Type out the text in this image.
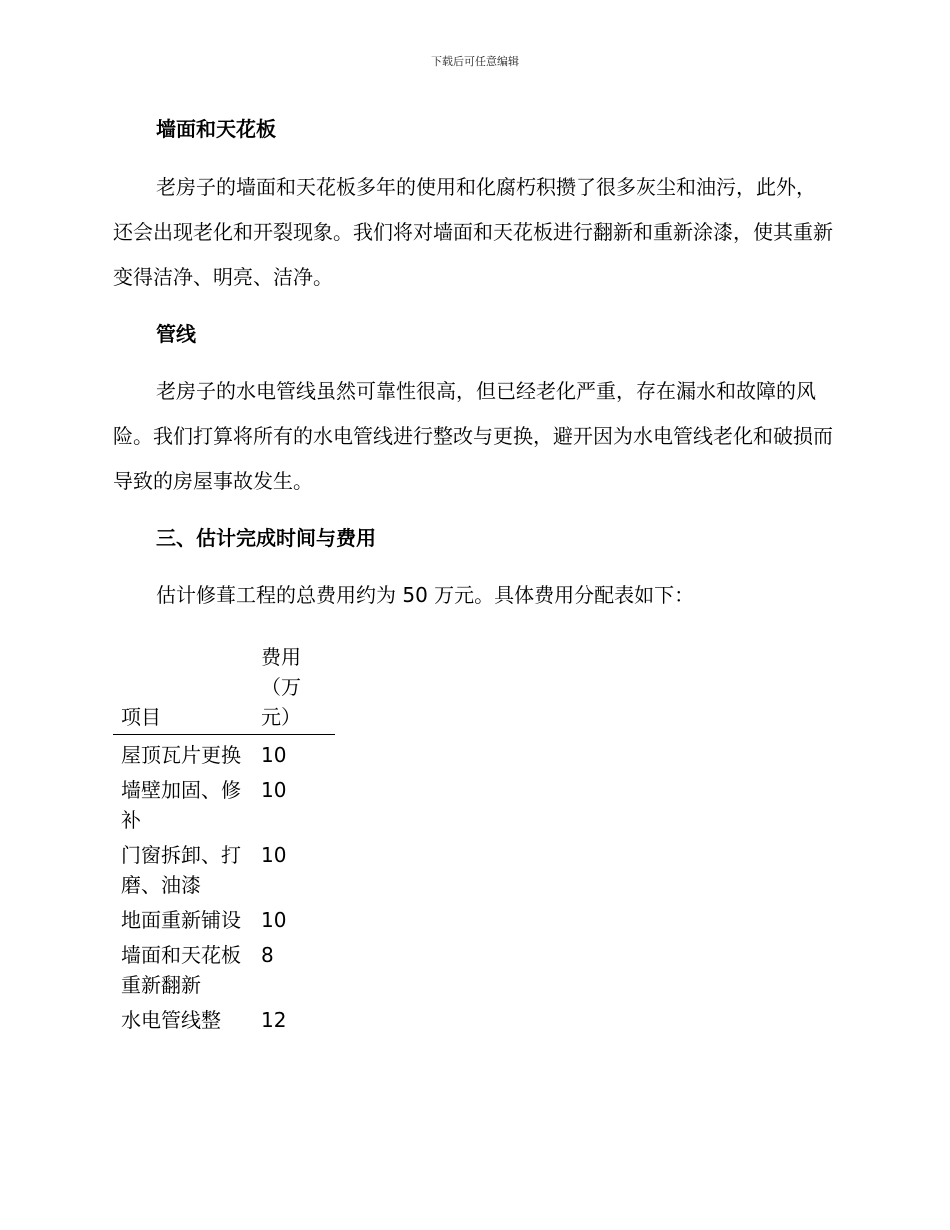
下载后可任意编辑
墙面和天花板
老房子的墙面和天花板多年的使用和化腐朽积攒了很多灰尘和油污，此外，还会出现老化和开裂现象。我们将对墙面和天花板进行翻新和重新涂漆，使其重新变得洁净、明亮、洁净。
管线
老房子的水电管线虽然可靠性很高，但已经老化严重，存在漏水和故障的风险。我们打算将所有的水电管线进行整改与更换，避开因为水电管线老化和破损而导致的房屋事故发生。
三、估计完成时间与费用
估计修葺工程的总费用约为 50 万元。具体费用分配表如下：
项目	费用（万元）
屋顶瓦片更换	10
墙壁加固、修补	10
门窗拆卸、打磨、油漆	10
地面重新铺设	10
墙面和天花板重新翻新	8
水电管线整	12
